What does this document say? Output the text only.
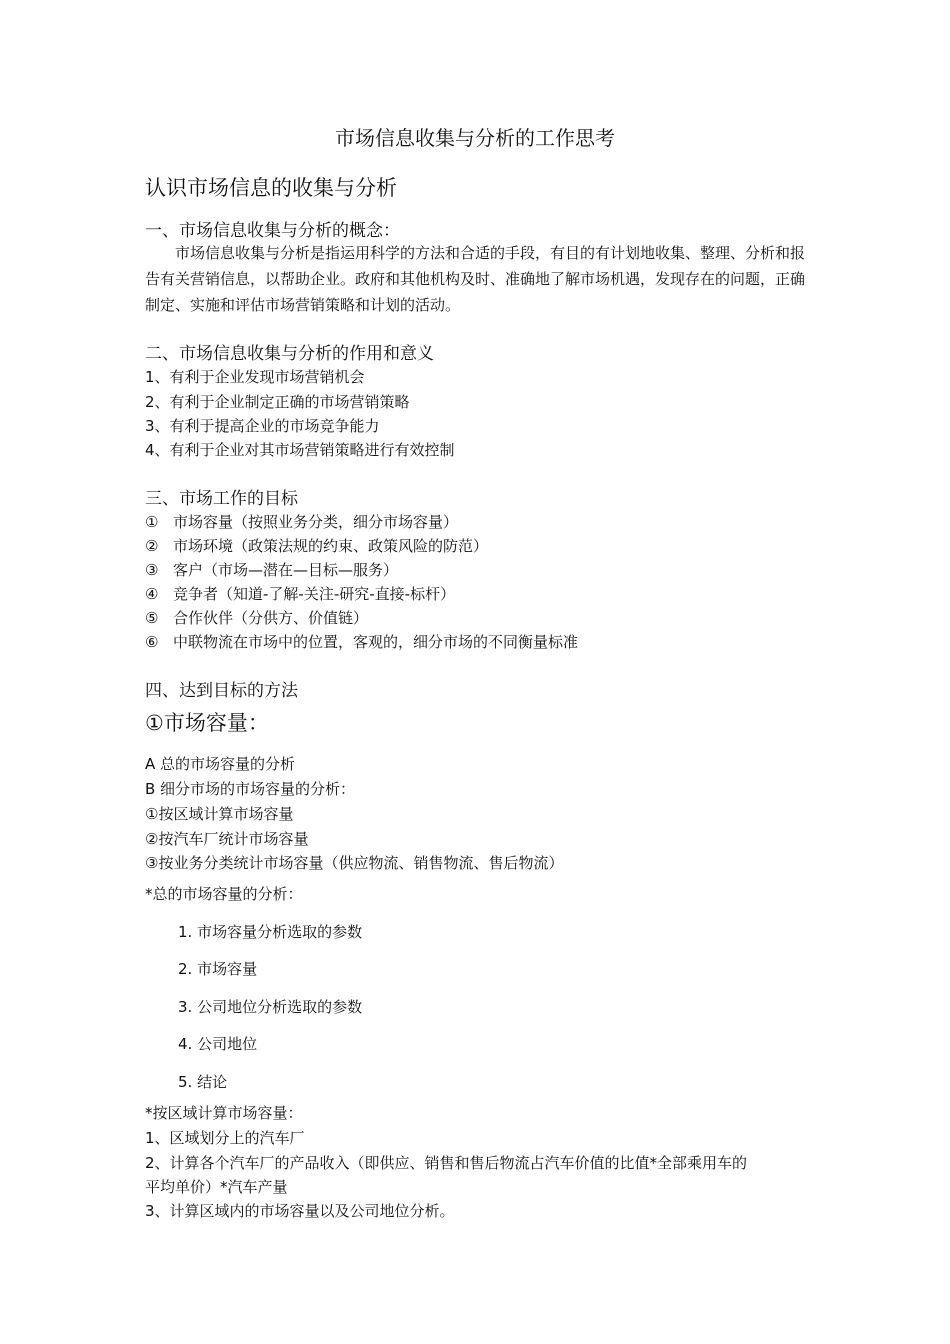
市场信息收集与分析的工作思考
认识市场信息的收集与分析
一、市场信息收集与分析的概念：
市场信息收集与分析是指运用科学的方法和合适的手段，有目的有计划地收集、整理、分析和报告有关营销信息，以帮助企业。政府和其他机构及时、准确地了解市场机遇，发现存在的问题，正确制定、实施和评估市场营销策略和计划的活动。
二、市场信息收集与分析的作用和意义
1、有利于企业发现市场营销机会
2、有利于企业制定正确的市场营销策略
3、有利于提高企业的市场竞争能力
4、有利于企业对其市场营销策略进行有效控制
三、市场工作的目标
① 市场容量（按照业务分类，细分市场容量）
② 市场环境（政策法规的约束、政策风险的防范）
③ 客户（市场—潜在—目标—服务）
④ 竞争者（知道-了解-关注-研究-直接-标杆）
⑤ 合作伙伴（分供方、价值链）
⑥ 中联物流在市场中的位置，客观的，细分市场的不同衡量标准
四、达到目标的方法
①市场容量：
A 总的市场容量的分析
B 细分市场的市场容量的分析：
①按区域计算市场容量
②按汽车厂统计市场容量
③按业务分类统计市场容量（供应物流、销售物流、售后物流）
*总的市场容量的分析：
1. 市场容量分析选取的参数
2. 市场容量
3. 公司地位分析选取的参数
4. 公司地位
5. 结论
*按区域计算市场容量：
1、区域划分上的汽车厂
2、计算各个汽车厂的产品收入（即供应、销售和售后物流占汽车价值的比值*全部乘用车的
平均单价）*汽车产量
3、计算区域内的市场容量以及公司地位分析。
